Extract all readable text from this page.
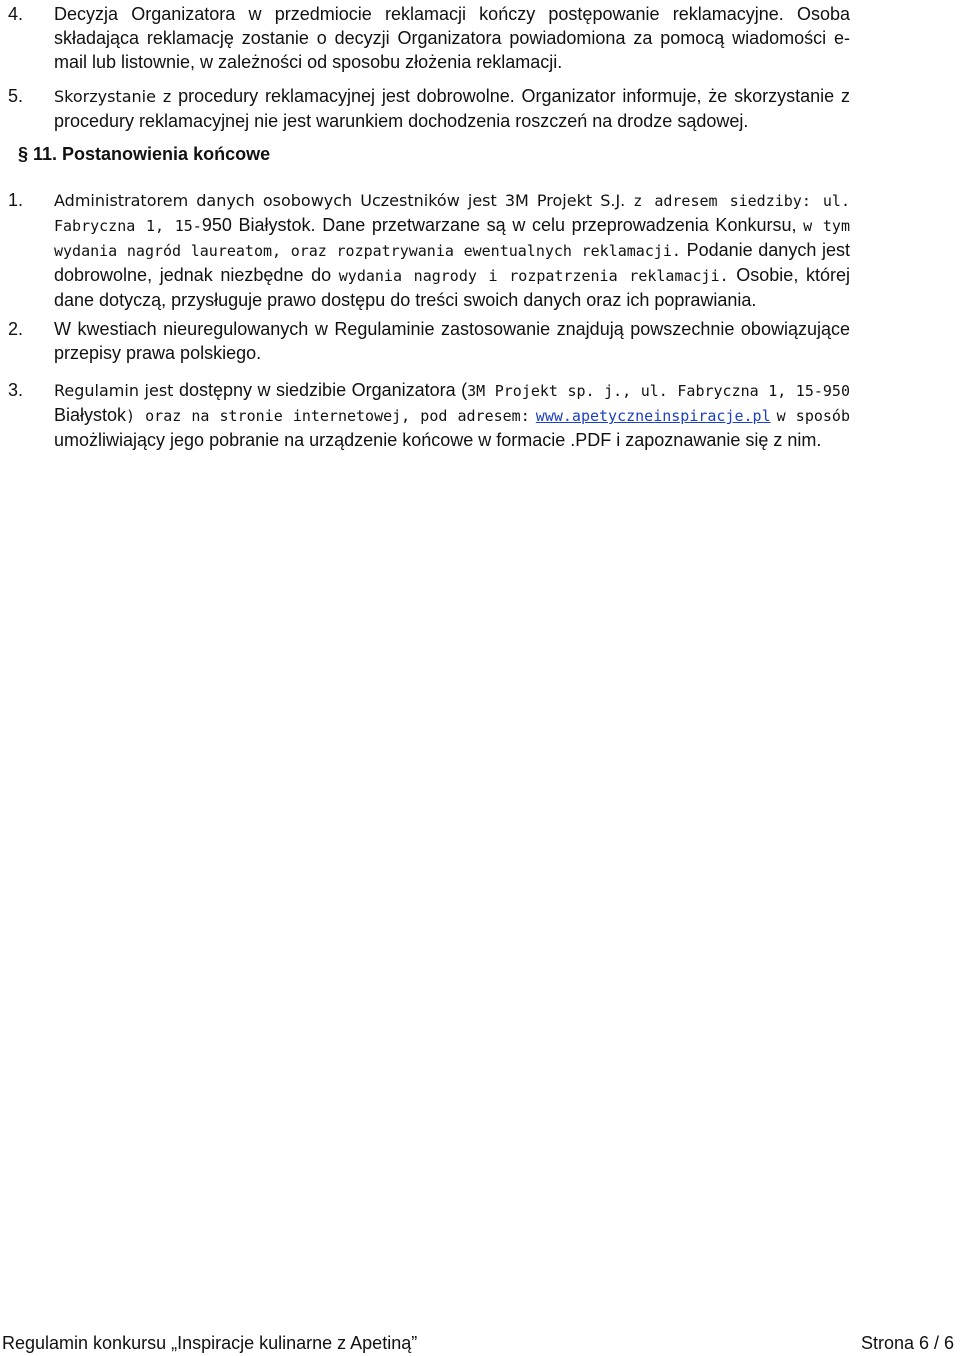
4. Decyzja Organizatora w przedmiocie reklamacji kończy postępowanie reklamacyjne. Osoba składająca reklamację zostanie o decyzji Organizatora powiadomiona za pomocą wiadomości e-mail lub listownie, w zależności od sposobu złożenia reklamacji.
5. Skorzystanie z procedury reklamacyjnej jest dobrowolne. Organizator informuje, że skorzystanie z procedury reklamacyjnej nie jest warunkiem dochodzenia roszczeń na drodze sądowej.
§ 11. Postanowienia końcowe
1. Administratorem danych osobowych Uczestników jest 3M Projekt S.J. z adresem siedziby: ul. Fabryczna 1, 15-950 Białystok. Dane przetwarzane są w celu przeprowadzenia Konkursu, w tym wydania nagród laureatom, oraz rozpatrywania ewentualnych reklamacji. Podanie danych jest dobrowolne, jednak niezbędne do wydania nagrody i rozpatrzenia reklamacji. Osobie, której dane dotyczą, przysługuje prawo dostępu do treści swoich danych oraz ich poprawiania.
2. W kwestiach nieuregulowanych w Regulaminie zastosowanie znajdują powszechnie obowiązujące przepisy prawa polskiego.
3. Regulamin jest dostępny w siedzibie Organizatora (3M Projekt sp. j., ul. Fabryczna 1, 15-950 Białystok) oraz na stronie internetowej, pod adresem: www.apetyczneinspiracje.pl w sposób umożliwiający jego pobranie na urządzenie końcowe w formacie .PDF i zapoznawanie się z nim.
Regulamin konkursu „Inspiracje kulinarne z Apetiną”	Strona 6 / 6
